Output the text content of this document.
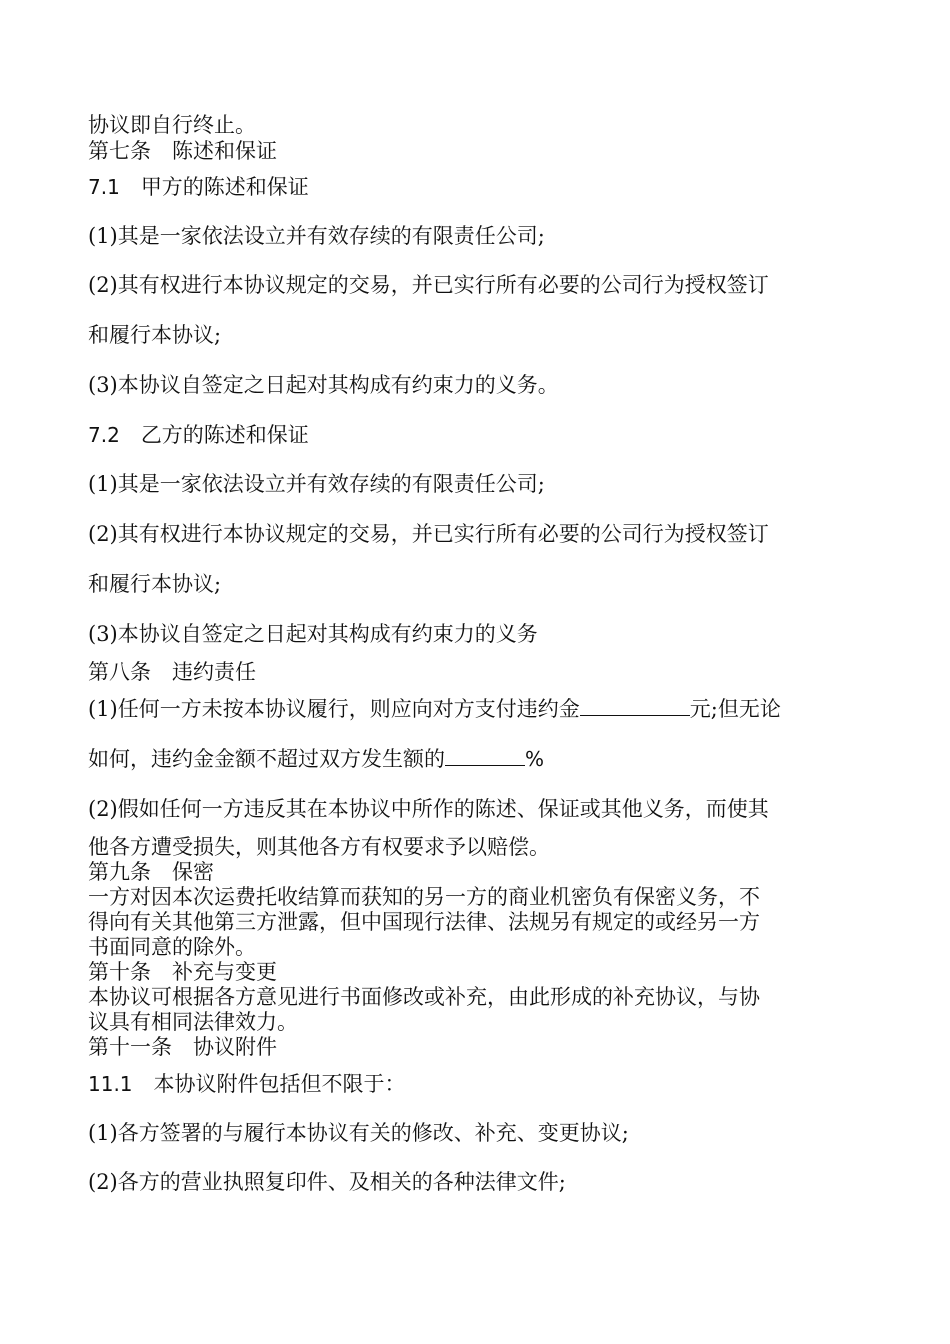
协议即自行终止。
第七条 陈述和保证
7.1 甲方的陈述和保证
(1)其是一家依法设立并有效存续的有限责任公司;
(2)其有权进行本协议规定的交易，并已实行所有必要的公司行为授权签订
和履行本协议;
(3)本协议自签定之日起对其构成有约束力的义务。
7.2 乙方的陈述和保证
(1)其是一家依法设立并有效存续的有限责任公司;
(2)其有权进行本协议规定的交易，并已实行所有必要的公司行为授权签订
和履行本协议;
(3)本协议自签定之日起对其构成有约束力的义务
第八条 违约责任
(1)任何一方未按本协议履行，则应向对方支付违约金	元;但无论
如何，违约金金额不超过双方发生额的	%
(2)假如任何一方违反其在本协议中所作的陈述、保证或其他义务，而使其
他各方遭受损失，则其他各方有权要求予以赔偿。
第九条 保密
一方对因本次运费托收结算而获知的另一方的商业机密负有保密义务，不
得向有关其他第三方泄露，但中国现行法律、法规另有规定的或经另一方
书面同意的除外。
第十条 补充与变更
本协议可根据各方意见进行书面修改或补充，由此形成的补充协议，与协
议具有相同法律效力。
第十一条 协议附件
11.1 本协议附件包括但不限于：
(1)各方签署的与履行本协议有关的修改、补充、变更协议;
(2)各方的营业执照复印件、及相关的各种法律文件;
